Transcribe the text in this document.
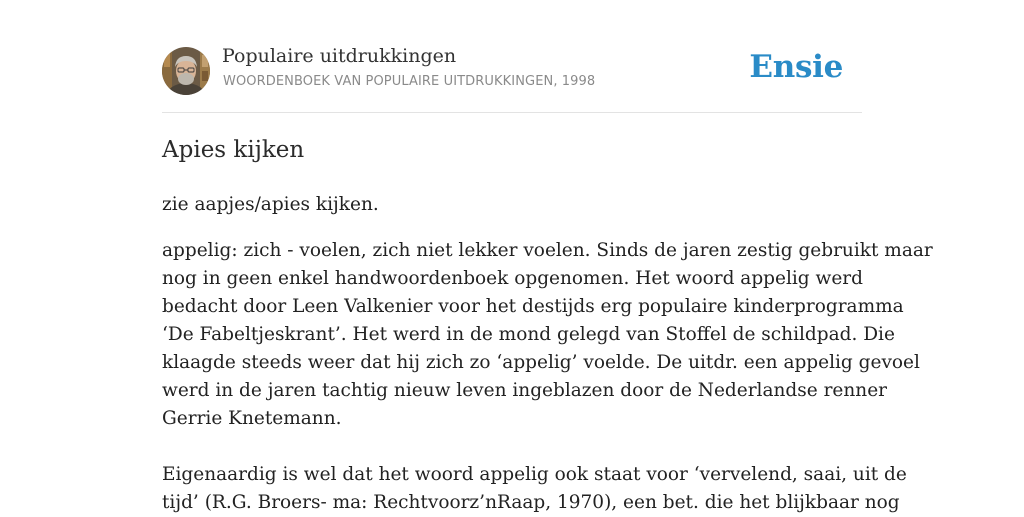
Populaire uitdrukkingen
WOORDENBOEK VAN POPULAIRE UITDRUKKINGEN, 1998	Ensie
Apies kijken

zie aapjes/apies kijken.

appelig: zich - voelen, zich niet lekker voelen. Sinds de jaren zestig gebruikt maar

nog in geen enkel handwoordenboek opgenomen. Het woord appelig werd

bedacht door Leen Valkenier voor het destijds erg populaire kinderprogramma

‘De Fabeltjeskrant’. Het werd in de mond gelegd van Stoffel de schildpad. Die

klaagde steeds weer dat hij zich zo ‘appelig’ voelde. De uitdr. een appelig gevoel

werd in de jaren tachtig nieuw leven ingeblazen door de Nederlandse renner

Gerrie Knetemann.

Eigenaardig is wel dat het woord appelig ook staat voor ‘vervelend, saai, uit de

tijd’ (R.G. Broers- ma: Rechtvoorz’nRaap, 1970), een bet. die het blijkbaar nog
